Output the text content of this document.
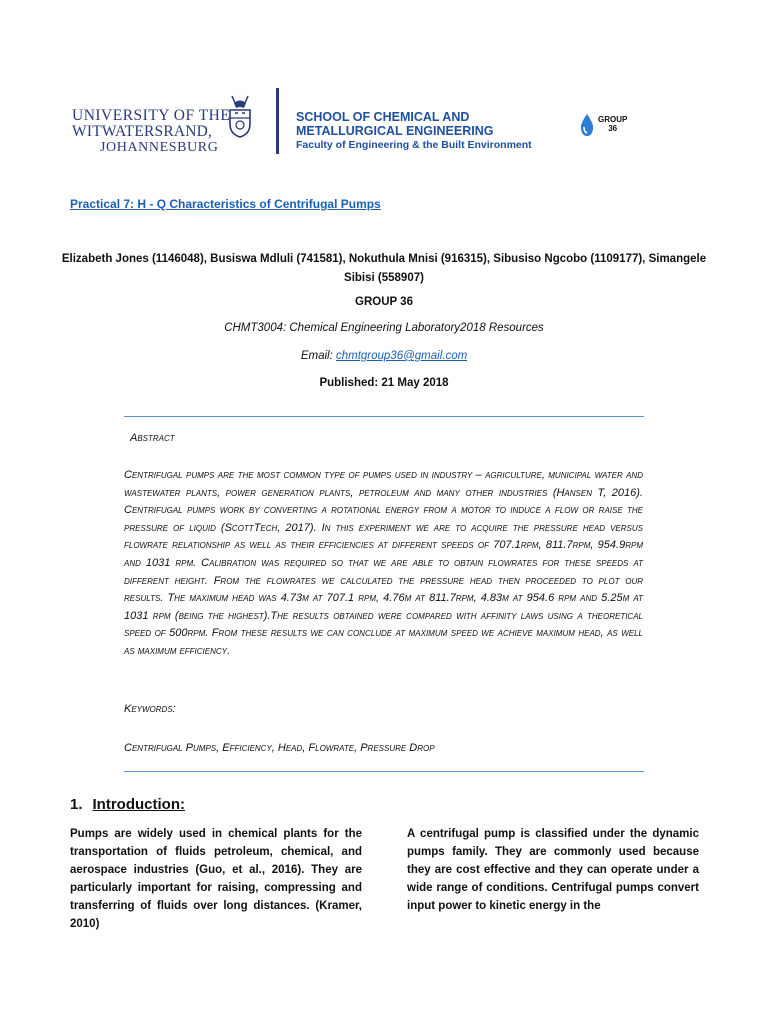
UNIVERSITY OF THE
WITWATERSRAND,
JOHANNESBURG
SCHOOL OF CHEMICAL AND
METALLURGICAL ENGINEERING
Faculty of Engineering & the Built Environment
GROUP
36
Practical 7: H - Q Characteristics of Centrifugal Pumps
Elizabeth Jones (1146048), Busiswa Mdluli (741581), Nokuthula Mnisi (916315), Sibusiso Ngcobo (1109177), Simangele Sibisi (558907)
GROUP 36
CHMT3004: Chemical Engineering Laboratory2018 Resources
Email: chmtgroup36@gmail.com
Published: 21 May 2018
Abstract
Centrifugal pumps are the most common type of pumps used in industry – agriculture, municipal water and wastewater plants, power generation plants, petroleum and many other industries (Hansen T, 2016). Centrifugal pumps work by converting a rotational energy from a motor to induce a flow or raise the pressure of liquid (ScottTech, 2017). In this experiment we are to acquire the pressure head versus flowrate relationship as well as their efficiencies at different speeds of 707.1rpm, 811.7rpm, 954.9rpm and 1031 rpm. Calibration was required so that we are able to obtain flowrates for these speeds at different height. From the flowrates we calculated the pressure head then proceeded to plot our results. The maximum head was 4.73m at 707.1 rpm, 4.76m at 811.7rpm, 4.83m at 954.6 rpm and 5.25m at 1031 rpm (being the highest).The results obtained were compared with affinity laws using a theoretical speed of 500rpm. From these results we can conclude at maximum speed we achieve maximum head, as well as maximum efficiency.
Keywords:
Centrifugal Pumps, Efficiency, Head, Flowrate, Pressure Drop
1. Introduction:
Pumps are widely used in chemical plants for the transportation of fluids petroleum, chemical, and aerospace industries (Guo, et al., 2016). They are particularly important for raising, compressing and transferring of fluids over long distances. (Kramer, 2010)
A centrifugal pump is classified under the dynamic pumps family. They are commonly used because they are cost effective and they can operate under a wide range of conditions. Centrifugal pumps convert input power to kinetic energy in the
